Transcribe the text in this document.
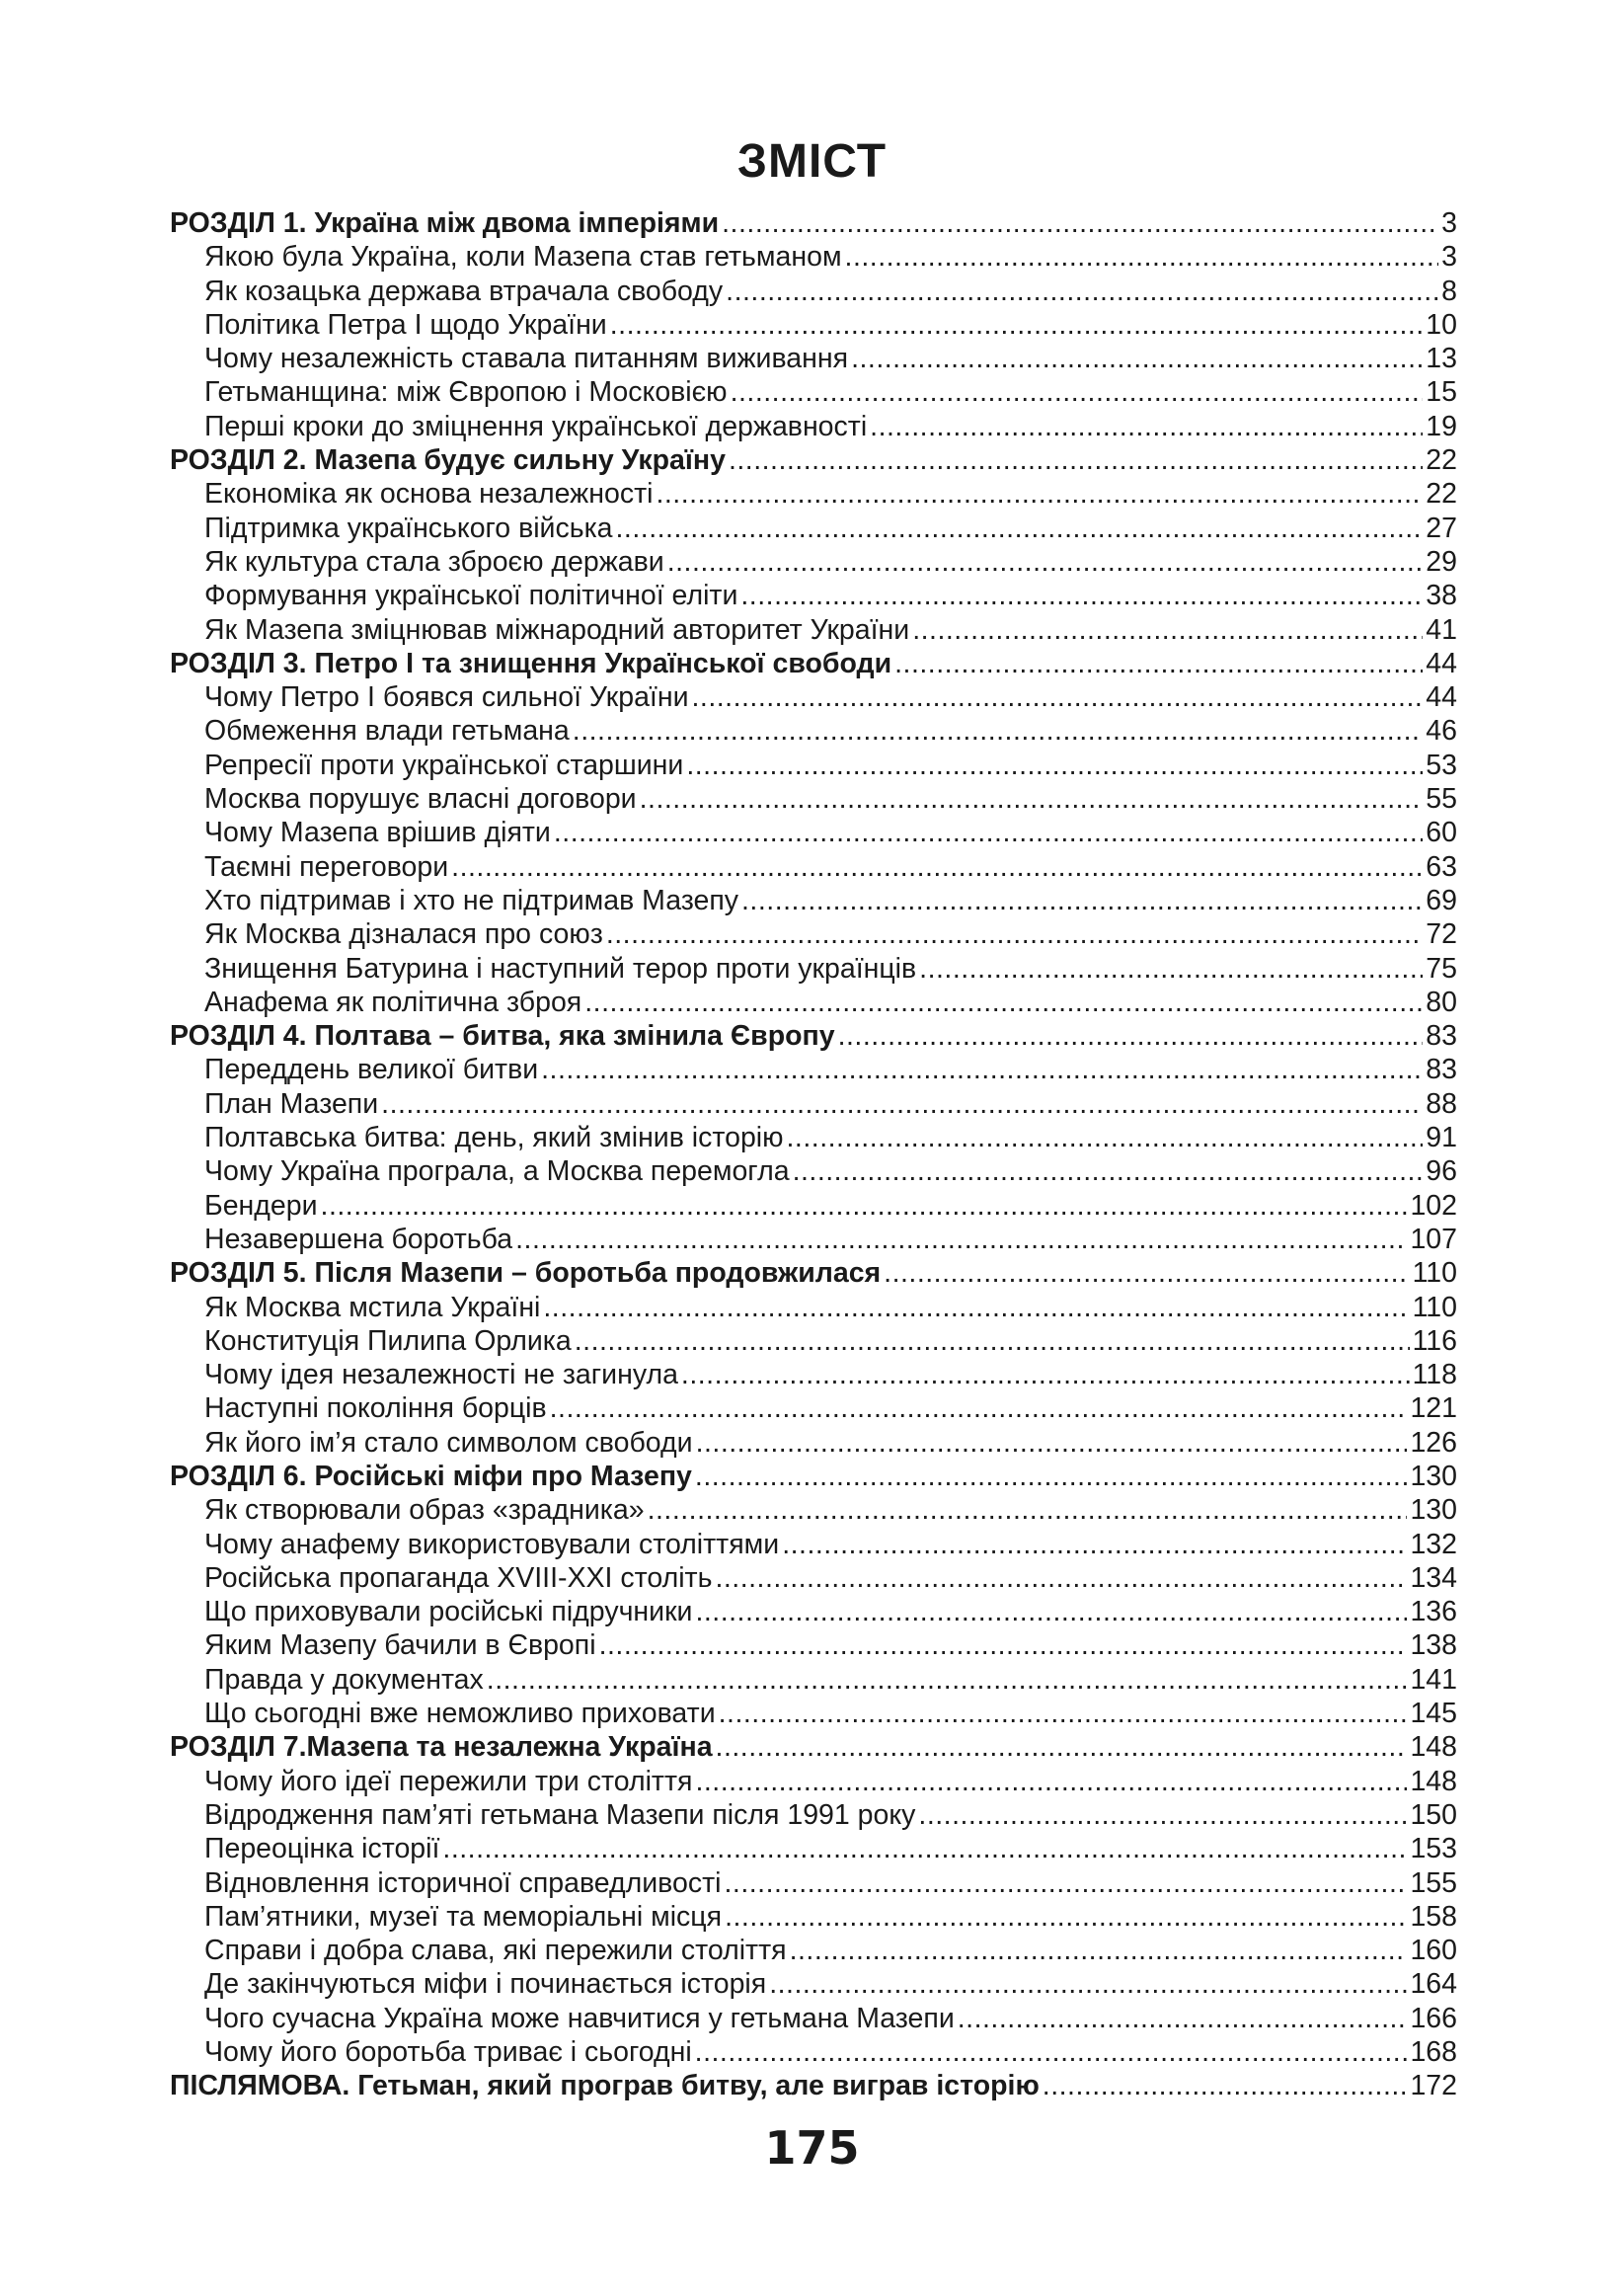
ЗМІСТ
РОЗДІЛ 1. Україна між двома імперіями .....	3
Якою була Україна, коли Мазепа став гетьманом .....	3
Як козацька держава втрачала свободу .....	8
Політика Петра І щодо України .....	10
Чому незалежність ставала питанням виживання .....	13
Гетьманщина: між Європою і Московією .....	15
Перші кроки до зміцнення української державності .....	19
РОЗДІЛ 2. Мазепа будує сильну Україну .....	22
Економіка як основа незалежності .....	22
Підтримка українського війська .....	27
Як культура стала зброєю держави .....	29
Формування української політичної еліти .....	38
Як Мазепа зміцнював міжнародний авторитет України .....	41
РОЗДІЛ 3. Петро І та знищення Української свободи .....	44
Чому Петро І боявся сильної України .....	44
Обмеження влади гетьмана .....	46
Репресії проти української старшини .....	53
Москва порушує власні договори .....	55
Чому Мазепа врішив діяти .....	60
Таємні переговори .....	63
Хто підтримав і хто не підтримав Мазепу .....	69
Як Москва дізналася про союз .....	72
Знищення Батурина і наступний терор проти українців .....	75
Анафема як політична зброя .....	80
РОЗДІЛ 4. Полтава – битва, яка змінила Європу .....	83
Переддень великої битви .....	83
План Мазепи .....	88
Полтавська битва: день, який змінив історію .....	91
Чому Україна програла, а Москва перемогла .....	96
Бендери .....	102
Незавершена боротьба .....	107
РОЗДІЛ 5. Після Мазепи – боротьба продовжилася .....	110
Як Москва мстила Україні .....	110
Конституція Пилипа Орлика .....	116
Чому ідея незалежності не загинула .....	118
Наступні покоління борців .....	121
Як його ім’я стало символом свободи .....	126
РОЗДІЛ 6. Російські міфи про Мазепу .....	130
Як створювали образ «зрадника» .....	130
Чому анафему використовували століттями .....	132
Російська пропаганда XVIII-XXI століть .....	134
Що приховували російські підручники .....	136
Яким Мазепу бачили в Європі .....	138
Правда у документах .....	141
Що сьогодні вже неможливо приховати .....	145
РОЗДІЛ 7.Мазепа та незалежна Україна .....	148
Чому його ідеї пережили три століття .....	148
Відродження пам’яті гетьмана Мазепи після 1991 року .....	150
Переоцінка історії .....	153
Відновлення історичної справедливості .....	155
Пам’ятники, музеї та меморіальні місця .....	158
Справи і добра слава, які пережили століття .....	160
Де закінчуються міфи і починається історія .....	164
Чого сучасна Україна може навчитися у гетьмана Мазепи .....	166
Чому його боротьба триває і сьогодні .....	168
ПІСЛЯМОВА. Гетьман, який програв битву, але виграв історію .....	172
175
